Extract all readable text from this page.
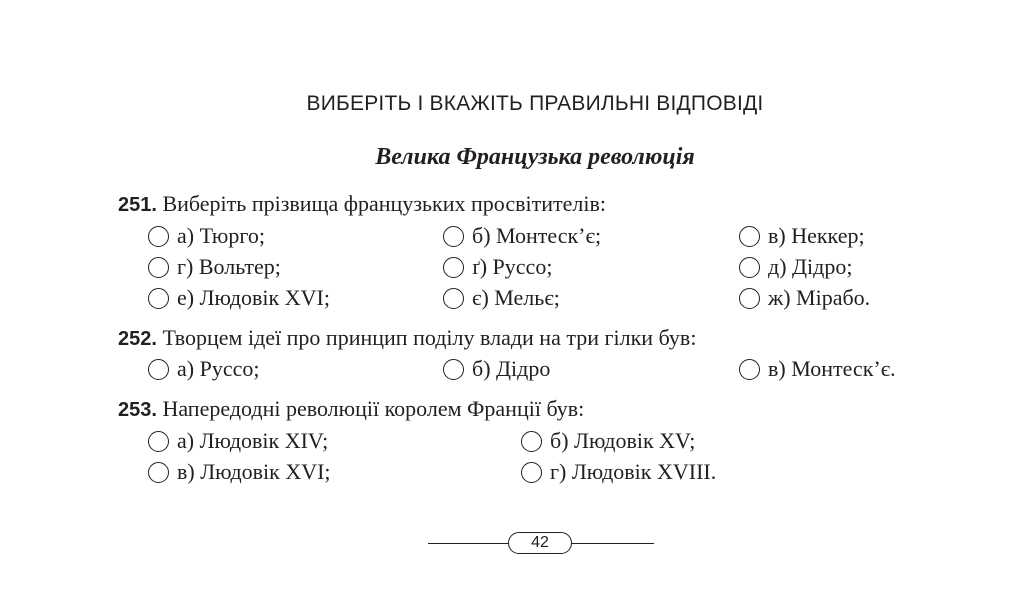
ВИБЕРІТЬ І ВКАЖІТЬ ПРАВИЛЬНІ ВІДПОВІДІ
Велика Французька революція
251. Виберіть прізвища французьких просвітителів:
а) Тюрго;	б) Монтеск’є;	в) Неккер;
г) Вольтер;	ґ) Руссо;	д) Дідро;
е) Людовік XVI;	є) Мельє;	ж) Мірабо.
252. Творцем ідеї про принцип поділу влади на три гілки був:
а) Руссо;	б) Дідро	в) Монтеск’є.
253. Напередодні революції королем Франції був:
а) Людовік XIV;	б) Людовік XV;
в) Людовік XVI;	г) Людовік XVIII.
42
